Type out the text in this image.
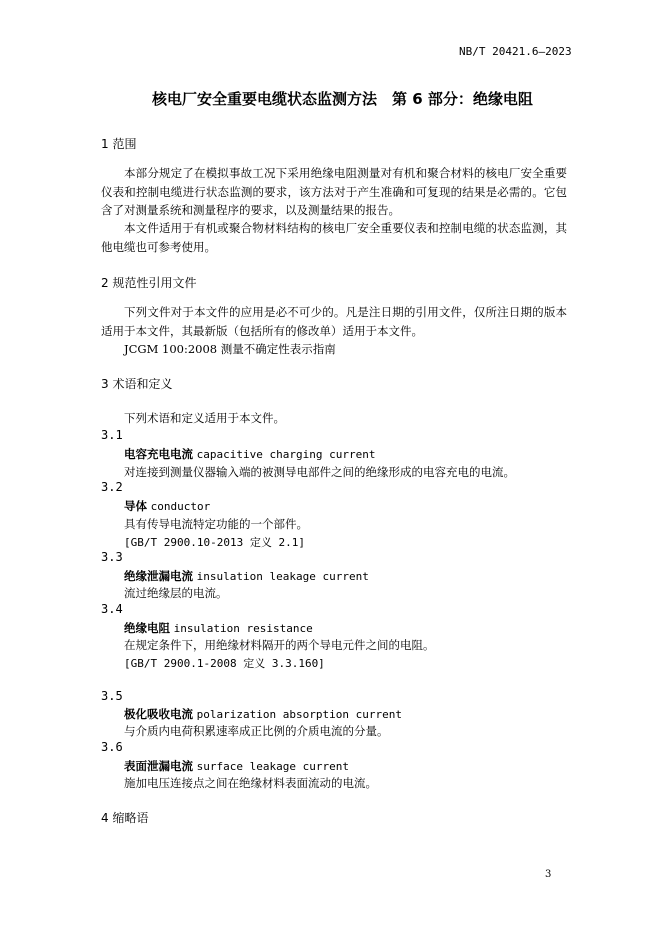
NB/T 20421.6—2023
核电厂安全重要电缆状态监测方法　第 6 部分：绝缘电阻
1 范围
本部分规定了在模拟事故工况下采用绝缘电阻测量对有机和聚合材料的核电厂安全重要仪表和控制电缆进行状态监测的要求，该方法对于产生准确和可复现的结果是必需的。它包含了对测量系统和测量程序的要求，以及测量结果的报告。
本文件适用于有机或聚合物材料结构的核电厂安全重要仪表和控制电缆的状态监测，其他电缆也可参考使用。
2 规范性引用文件
下列文件对于本文件的应用是必不可少的。凡是注日期的引用文件，仅所注日期的版本适用于本文件，其最新版（包括所有的修改单）适用于本文件。
JCGM 100:2008 测量不确定性表示指南
3 术语和定义
下列术语和定义适用于本文件。
3.1
电容充电电流 capacitive charging current
对连接到测量仪器输入端的被测导电部件之间的绝缘形成的电容充电的电流。
3.2
导体 conductor
具有传导电流特定功能的一个部件。
[GB/T 2900.10-2013 定义 2.1]
3.3
绝缘泄漏电流 insulation leakage current
流过绝缘层的电流。
3.4
绝缘电阻 insulation resistance
在规定条件下，用绝缘材料隔开的两个导电元件之间的电阻。
[GB/T 2900.1-2008 定义 3.3.160]
3.5
极化吸收电流 polarization absorption current
与介质内电荷积累速率成正比例的介质电流的分量。
3.6
表面泄漏电流 surface leakage current
施加电压连接点之间在绝缘材料表面流动的电流。
4 缩略语
3
